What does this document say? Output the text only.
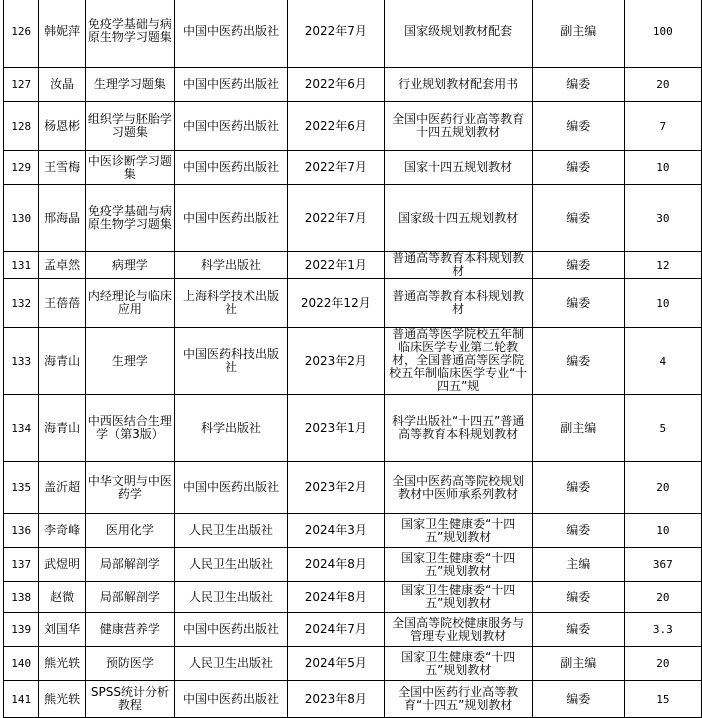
126	韩妮萍	免疫学基础与病原生物学习题集	中国中医药出版社	2022年7月	国家级规划教材配套	副主编	100
127	汝晶	生理学习题集	中国中医药出版社	2022年6月	行业规划教材配套用书	编委	20
128	杨恩彬	组织学与胚胎学习题集	中国中医药出版社	2022年6月	全国中医药行业高等教育十四五规划教材	编委	7
129	王雪梅	中医诊断学习题集	中国中医药出版社	2022年7月	国家十四五规划教材	编委	10
130	邢海晶	免疫学基础与病原生物学习题集	中国中医药出版社	2022年7月	国家级十四五规划教材	编委	30
131	孟卓然	病理学	科学出版社	2022年1月	普通高等教育本科规划教材	编委	12
132	王蓓蓓	内经理论与临床应用	上海科学技术出版社	2022年12月	普通高等教育本科规划教材	编委	10
133	海青山	生理学	中国医药科技出版社	2023年2月	普通高等医学院校五年制临床医学专业第二轮教材，全国普通高等医学院校五年制临床医学专业“十四五”规	编委	4
134	海青山	中西医结合生理学（第3版）	科学出版社	2023年1月	科学出版社“十四五”普通高等教育本科规划教材	副主编	5
135	盖沂超	中华文明与中医药学	中国中医药出版社	2023年2月	全国中医药高等院校规划教材中医师承系列教材	编委	20
136	李奇峰	医用化学	人民卫生出版社	2024年3月	国家卫生健康委“十四五”规划教材	编委	10
137	武煜明	局部解剖学	人民卫生出版社	2024年8月	国家卫生健康委“十四五”规划教材	主编	367
138	赵微	局部解剖学	人民卫生出版社	2024年8月	国家卫生健康委“十四五”规划教材	编委	20
139	刘国华	健康营养学	中国中医药出版社	2024年7月	全国高等院校健康服务与管理专业规划教材	编委	3.3
140	熊光轶	预防医学	人民卫生出版社	2024年5月	国家卫生健康委“十四五”规划教材	副主编	20
141	熊光轶	SPSS统计分析教程	中国中医药出版社	2023年8月	全国中医药行业高等教育“十四五”规划教材	编委	15
